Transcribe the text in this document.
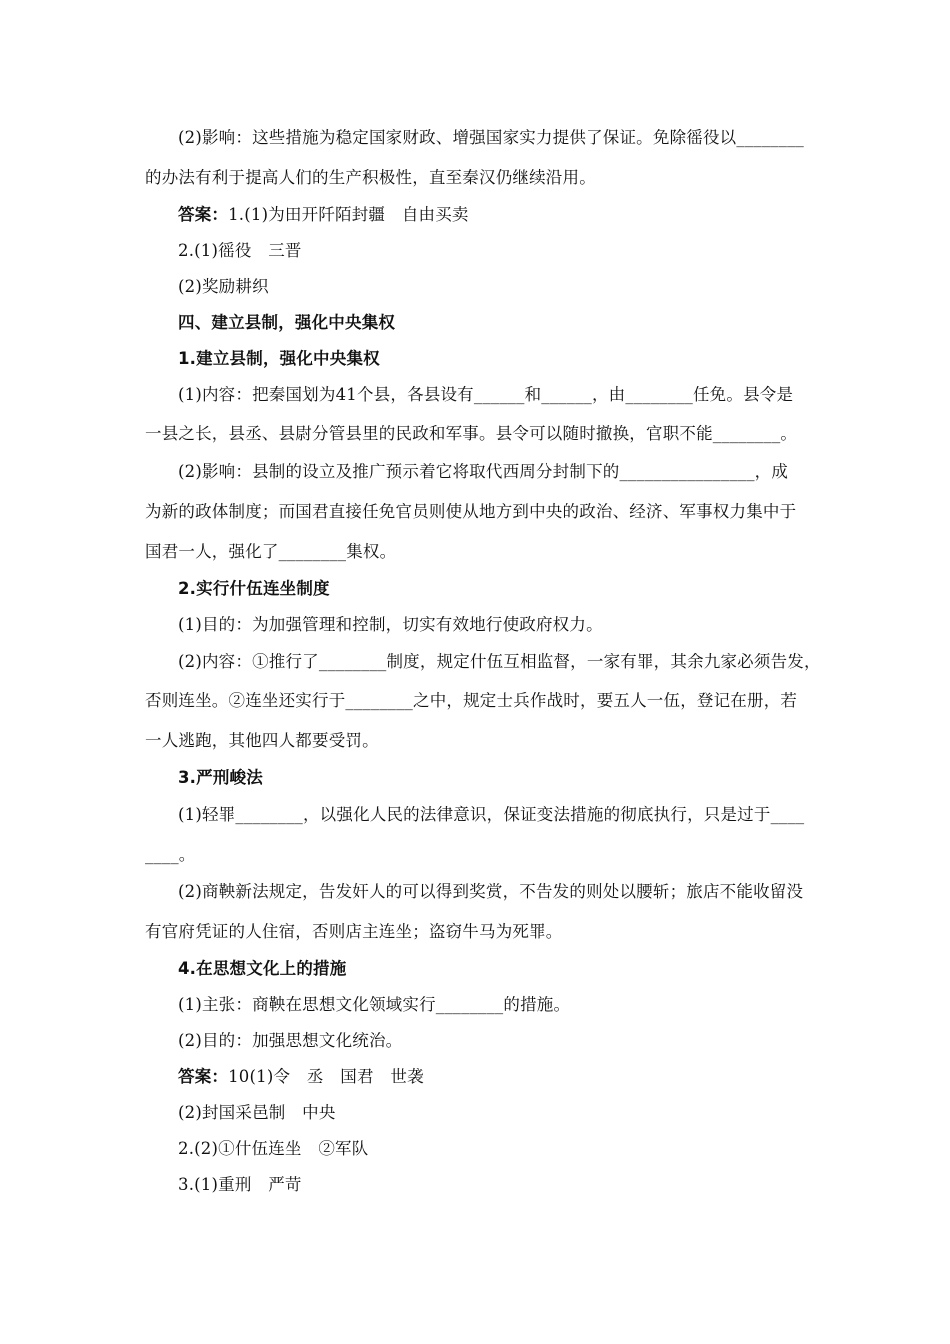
(2)影响：这些措施为稳定国家财政、增强国家实力提供了保证。免除徭役以________
的办法有利于提高人们的生产积极性，直至秦汉仍继续沿用。
答案：1.(1)为田开阡陌封疆　自由买卖
2.(1)徭役　三晋
(2)奖励耕织
四、建立县制，强化中央集权
1.建立县制，强化中央集权
(1)内容：把秦国划为41个县，各县设有______和______，由________任免。县令是
一县之长，县丞、县尉分管县里的民政和军事。县令可以随时撤换，官职不能________。
(2)影响：县制的设立及推广预示着它将取代西周分封制下的________________，成
为新的政体制度；而国君直接任免官员则使从地方到中央的政治、经济、军事权力集中于
国君一人，强化了________集权。
2.实行什伍连坐制度
(1)目的：为加强管理和控制，切实有效地行使政府权力。
(2)内容：①推行了________制度，规定什伍互相监督，一家有罪，其余九家必须告发，
否则连坐。②连坐还实行于________之中，规定士兵作战时，要五人一伍，登记在册，若
一人逃跑，其他四人都要受罚。
3.严刑峻法
(1)轻罪________，以强化人民的法律意识，保证变法措施的彻底执行，只是过于____
____。
(2)商鞅新法规定，告发奸人的可以得到奖赏，不告发的则处以腰斩；旅店不能收留没
有官府凭证的人住宿，否则店主连坐；盗窃牛马为死罪。
4.在思想文化上的措施
(1)主张：商鞅在思想文化领域实行________的措施。
(2)目的：加强思想文化统治。
答案：10(1)令　丞　国君　世袭
(2)封国采邑制　中央
2.(2)①什伍连坐　②军队
3.(1)重刑　严苛
